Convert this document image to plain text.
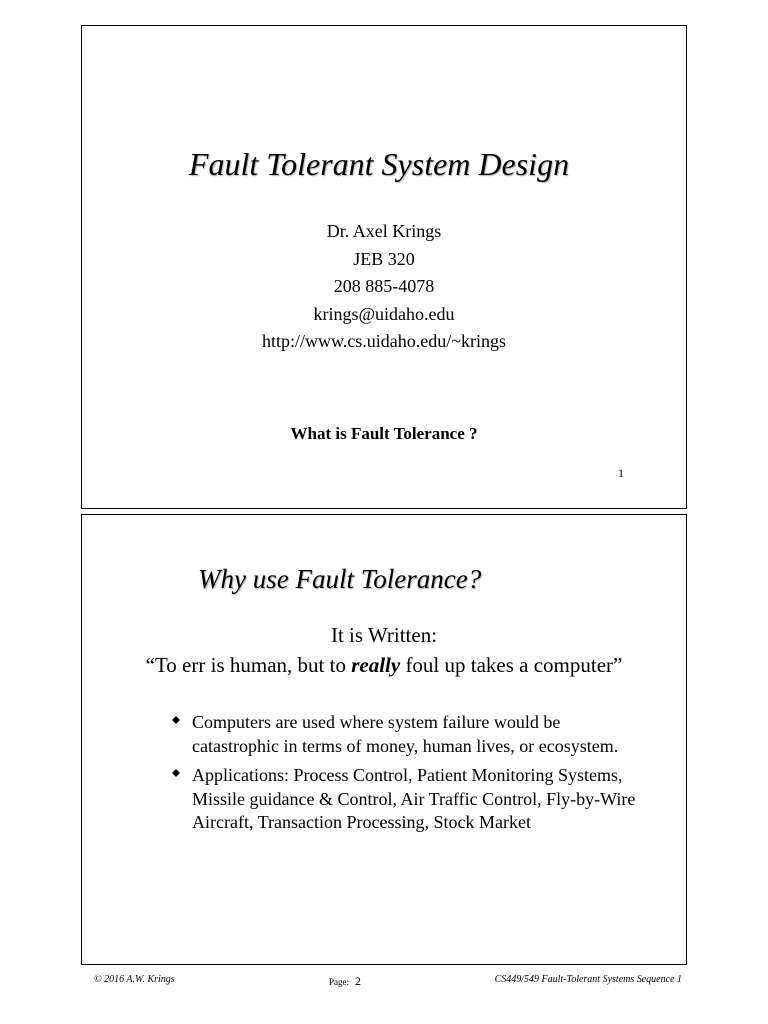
Fault Tolerant System Design
Dr. Axel Krings
JEB 320
208 885-4078
krings@uidaho.edu
http://www.cs.uidaho.edu/~krings
What is Fault Tolerance ?
1
Why use Fault Tolerance?
It is Written:
“To err is human, but to really foul up takes a computer”
Computers are used where system failure would be catastrophic in terms of money, human lives, or ecosystem.
Applications: Process Control, Patient Monitoring Systems, Missile guidance & Control, Air Traffic Control, Fly-by-Wire Aircraft, Transaction Processing, Stock Market
© 2016 A.W. Krings	Page: 2	CS449/549 Fault-Tolerant Systems Sequence 1
